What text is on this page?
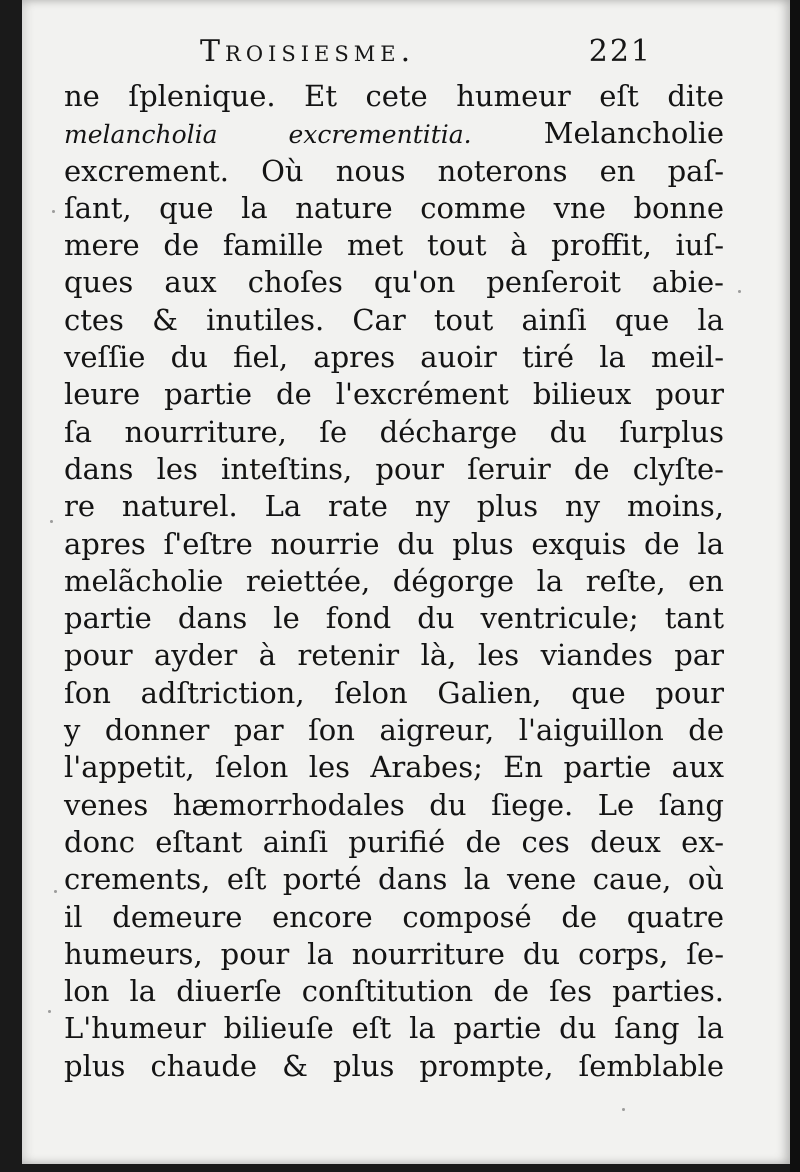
Troisiesme.	221
ne ſplenique. Et cete humeur eſt dite
melancholia excrementitia. Melancholie
excrement. Où nous noterons en paſ-
ſant, que la nature comme vne bonne
mere de famille met tout à proffit, iuſ-
ques aux choſes qu'on penſeroit abie-
ctes & inutiles. Car tout ainſi que la
veſſie du fiel, apres auoir tiré la meil-
leure partie de l'excrément bilieux pour
ſa nourriture, ſe décharge du ſurplus
dans les inteſtins, pour ſeruir de clyſte-
re naturel. La rate ny plus ny moins,
apres ſ'eſtre nourrie du plus exquis de la
melãcholie reiettée, dégorge la reſte, en
partie dans le fond du ventricule; tant
pour ayder à retenir là, les viandes par
ſon adſtriction, ſelon Galien, que pour
y donner par ſon aigreur, l'aiguillon de
l'appetit, ſelon les Arabes; En partie aux
venes hæmorrhodales du ſiege. Le ſang
donc eſtant ainſi purifié de ces deux ex-
crements, eſt porté dans la vene caue, où
il demeure encore composé de quatre
humeurs, pour la nourriture du corps, ſe-
lon la diuerſe conſtitution de ſes parties.
L'humeur bilieuſe eſt la partie du ſang la
plus chaude & plus prompte, ſemblable
